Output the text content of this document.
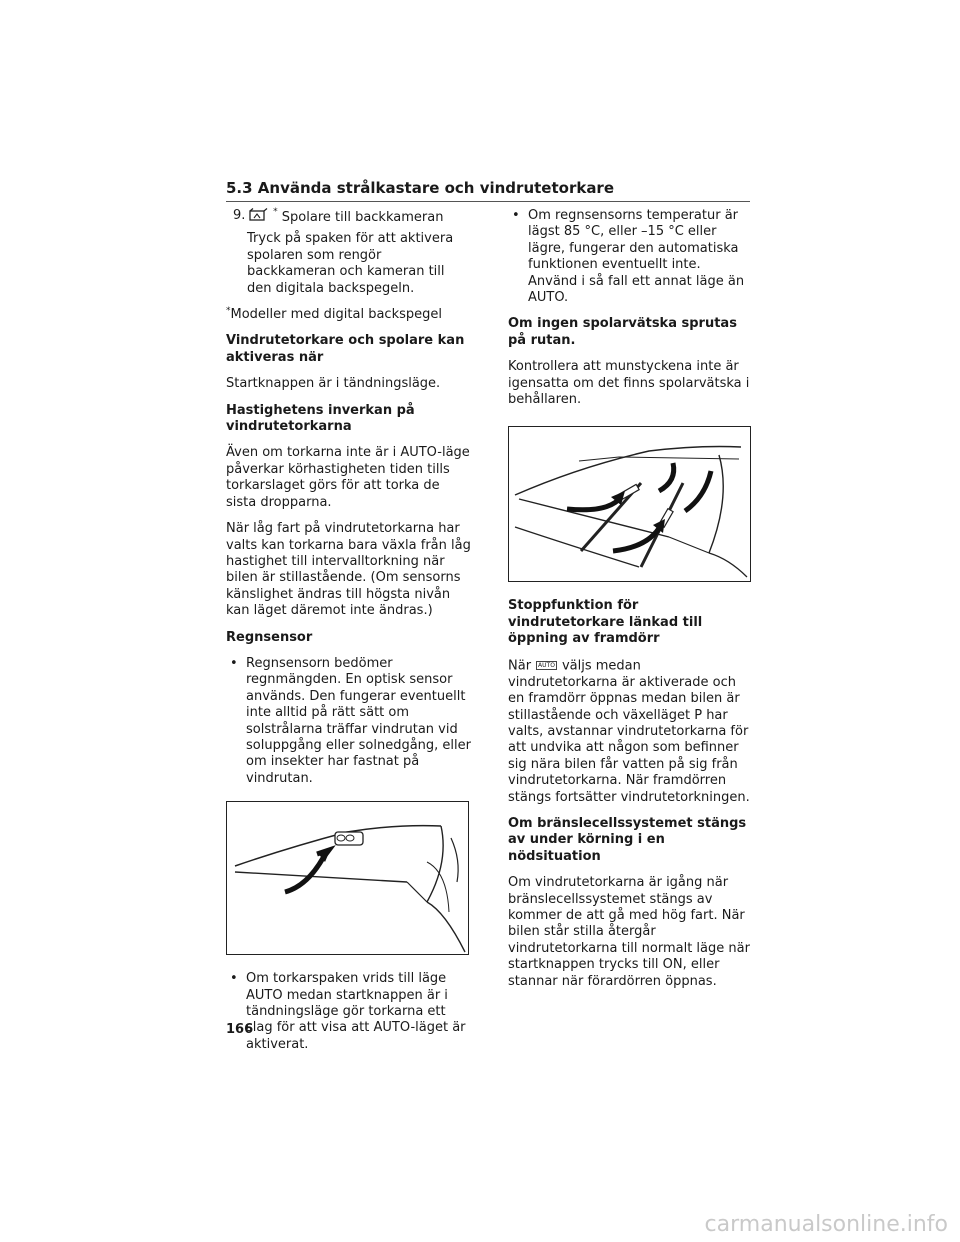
5.3 Använda strålkastare och vindrutetorkare
9.	* Spolare till backkameran
Tryck på spaken för att aktivera spolaren som rengör backkameran och kameran till den digitala backspegeln.

*Modeller med digital backspegel

Vindrutetorkare och spolare kan aktiveras när

Startknappen är i tändningsläge.

Hastighetens inverkan på vindrutetorkarna

Även om torkarna inte är i AUTO-läge påverkar körhastigheten tiden tills torkarslaget görs för att torka de sista dropparna.

När låg fart på vindrutetorkarna har valts kan torkarna bara växla från låg hastighet till intervalltorkning när bilen är stillastående. (Om sensorns känslighet ändras till högsta nivån kan läget däremot inte ändras.)

Regnsensor
• Regnsensorn bedömer regnmängden. En optisk sensor används. Den fungerar eventuellt inte alltid på rätt sätt om solstrålarna träffar vindrutan vid soluppgång eller solnedgång, eller om insekter har fastnat på vindrutan.
• Om torkarspaken vrids till läge AUTO medan startknappen är i tändningsläge gör torkarna ett slag för att visa att AUTO-läget är aktiverat.
• Om regnsensorns temperatur är lägst 85 °C, eller –15 °C eller lägre, fungerar den automatiska funktionen eventuellt inte. Använd i så fall ett annat läge än AUTO.
Om ingen spolarvätska sprutas på rutan.

Kontrollera att munstyckena inte är igensatta om det finns spolarvätska i behållaren.

Stoppfunktion för vindrutetorkare länkad till öppning av framdörr

När AUTO väljs medan vindrutetorkarna är aktiverade och en framdörr öppnas medan bilen är stillastående och växelläget P har valts, avstannar vindrutetorkarna för att undvika att någon som befinner sig nära bilen får vatten på sig från vindrutetorkarna. När framdörren stängs fortsätter vindrutetorkningen.

Om bränslecellssystemet stängs av under körning i en nödsituation

Om vindrutetorkarna är igång när bränslecellssystemet stängs av kommer de att gå med hög fart. När bilen står stilla återgår vindrutetorkarna till normalt läge när startknappen trycks till ON, eller stannar när förardörren öppnas.

166
carmanualsonline.info
